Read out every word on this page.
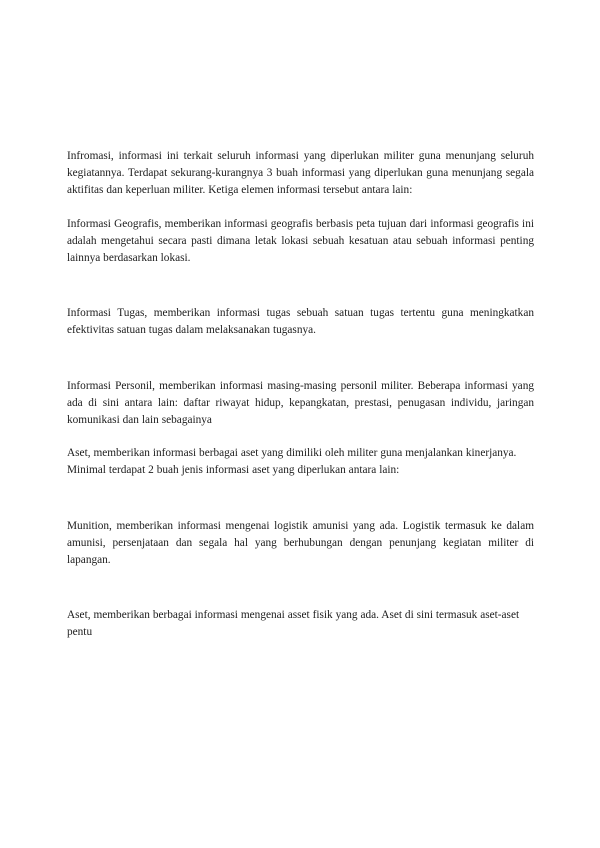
Infromasi, informasi ini terkait seluruh informasi yang diperlukan militer guna menunjang seluruh kegiatannya. Terdapat sekurang-kurangnya 3 buah informasi yang diperlukan guna menunjang segala aktifitas dan keperluan militer. Ketiga elemen informasi tersebut antara lain:

Informasi Geografis, memberikan informasi geografis berbasis peta tujuan dari informasi geografis ini adalah mengetahui secara pasti dimana letak lokasi sebuah kesatuan atau sebuah informasi penting lainnya berdasarkan lokasi.

Informasi Tugas, memberikan informasi tugas sebuah satuan tugas tertentu guna meningkatkan efektivitas satuan tugas dalam melaksanakan tugasnya.

Informasi Personil, memberikan informasi masing-masing personil militer. Beberapa informasi yang ada di sini antara lain: daftar riwayat hidup, kepangkatan, prestasi, penugasan individu, jaringan komunikasi dan lain sebagainya

Aset, memberikan informasi berbagai aset yang dimiliki oleh militer guna menjalankan kinerjanya. Minimal terdapat 2 buah jenis informasi aset yang diperlukan antara lain:

Munition, memberikan informasi mengenai logistik amunisi yang ada. Logistik termasuk ke dalam amunisi, persenjataan dan segala hal yang berhubungan dengan penunjang kegiatan militer di lapangan.

Aset, memberikan berbagai informasi mengenai asset fisik yang ada. Aset di sini termasuk aset-aset pentu
